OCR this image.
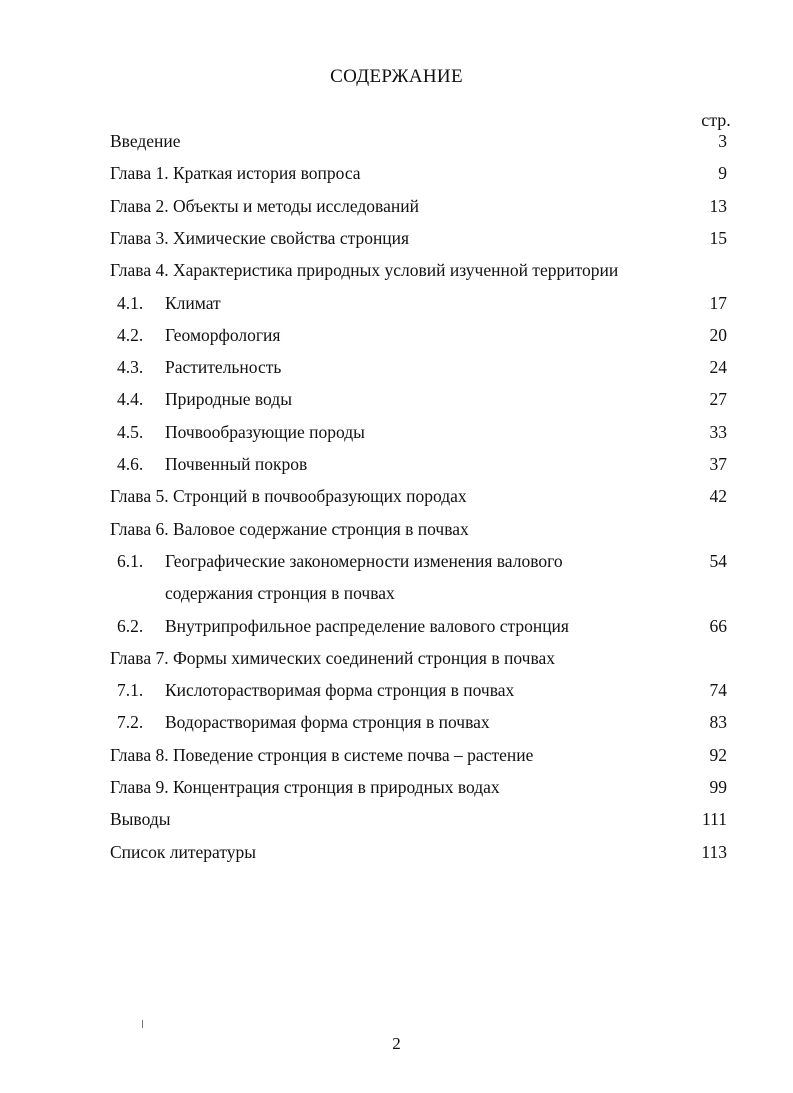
СОДЕРЖАНИЕ
стр.
Введение	3
Глава 1. Краткая история вопроса	9
Глава 2. Объекты и методы исследований	13
Глава 3. Химические свойства стронция	15
Глава 4. Характеристика природных условий изученной территории
4.1. Климат	17
4.2. Геоморфология	20
4.3. Растительность	24
4.4. Природные воды	27
4.5. Почвообразующие породы	33
4.6. Почвенный покров	37
Глава 5. Стронций в почвообразующих породах	42
Глава 6. Валовое содержание стронция в почвах
6.1. Географические закономерности изменения валового	54
содержания стронция в почвах
6.2. Внутрипрофильное распределение валового стронция	66
Глава 7. Формы химических соединений стронция в почвах
7.1. Кислоторастворимая форма стронция в почвах	74
7.2. Водорастворимая форма стронция в почвах	83
Глава 8. Поведение стронция в системе почва – растение	92
Глава 9. Концентрация стронция в природных водах	99
Выводы	111
Список литературы	113
2
